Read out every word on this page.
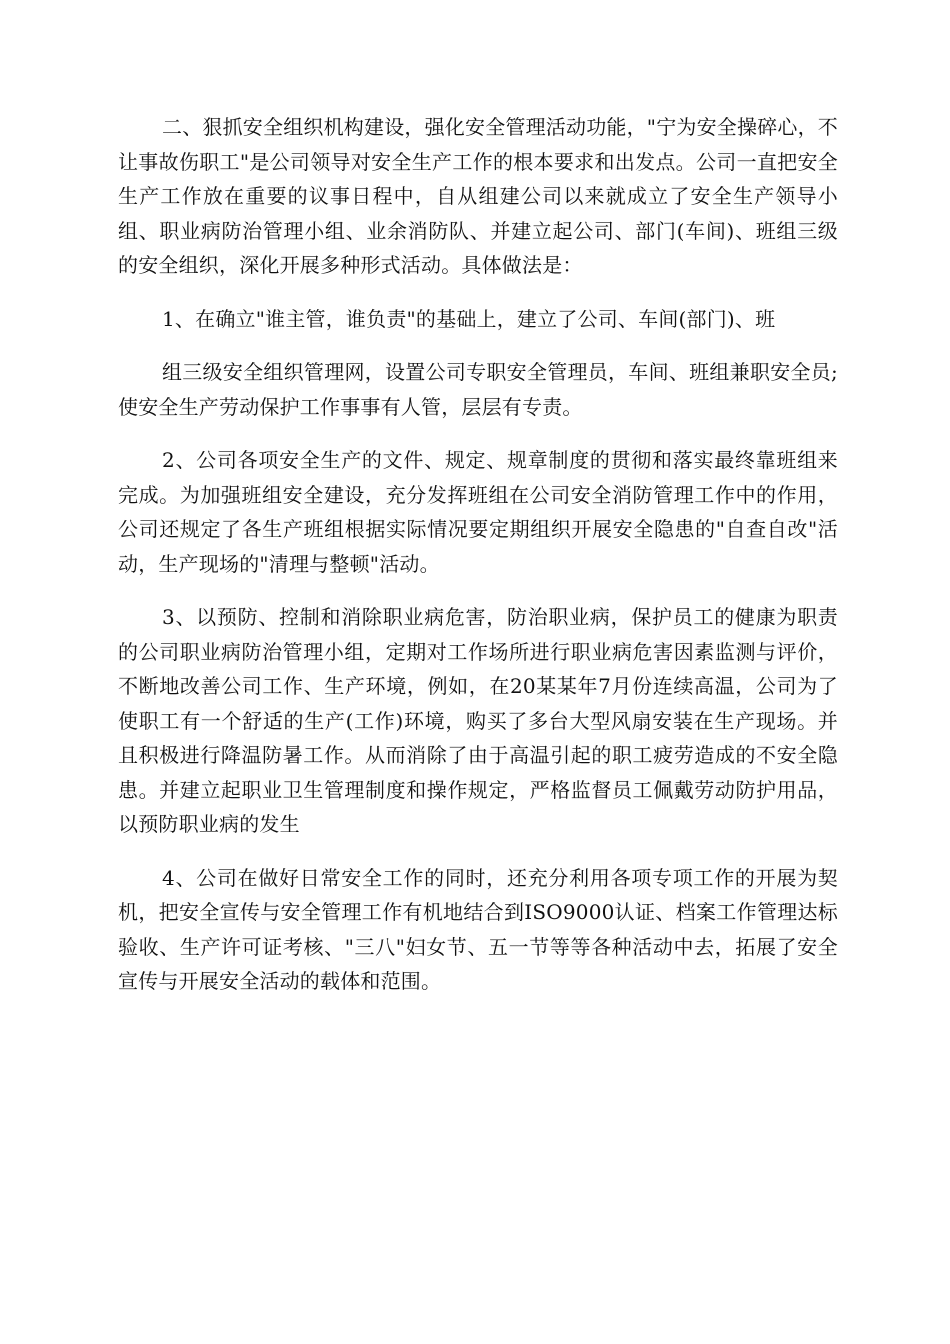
二、狠抓安全组织机构建设，强化安全管理活动功能，"宁为安全操碎心，不让事故伤职工"是公司领导对安全生产工作的根本要求和出发点。公司一直把安全生产工作放在重要的议事日程中，自从组建公司以来就成立了安全生产领导小组、职业病防治管理小组、业余消防队、并建立起公司、部门(车间)、班组三级的安全组织，深化开展多种形式活动。具体做法是：

1、在确立"谁主管，谁负责"的基础上，建立了公司、车间(部门)、班

组三级安全组织管理网，设置公司专职安全管理员，车间、班组兼职安全员;使安全生产劳动保护工作事事有人管，层层有专责。

2、公司各项安全生产的文件、规定、规章制度的贯彻和落实最终靠班组来完成。为加强班组安全建设，充分发挥班组在公司安全消防管理工作中的作用，公司还规定了各生产班组根据实际情况要定期组织开展安全隐患的"自查自改"活动，生产现场的"清理与整顿"活动。

3、以预防、控制和消除职业病危害，防治职业病，保护员工的健康为职责的公司职业病防治管理小组，定期对工作场所进行职业病危害因素监测与评价，不断地改善公司工作、生产环境，例如，在20某某年7月份连续高温，公司为了使职工有一个舒适的生产(工作)环境，购买了多台大型风扇安装在生产现场。并且积极进行降温防暑工作。从而消除了由于高温引起的职工疲劳造成的不安全隐患。并建立起职业卫生管理制度和操作规定，严格监督员工佩戴劳动防护用品，以预防职业病的发生

4、公司在做好日常安全工作的同时，还充分利用各项专项工作的开展为契机，把安全宣传与安全管理工作有机地结合到ISO9000认证、档案工作管理达标验收、生产许可证考核、"三八"妇女节、五一节等等各种活动中去，拓展了安全宣传与开展安全活动的载体和范围。
